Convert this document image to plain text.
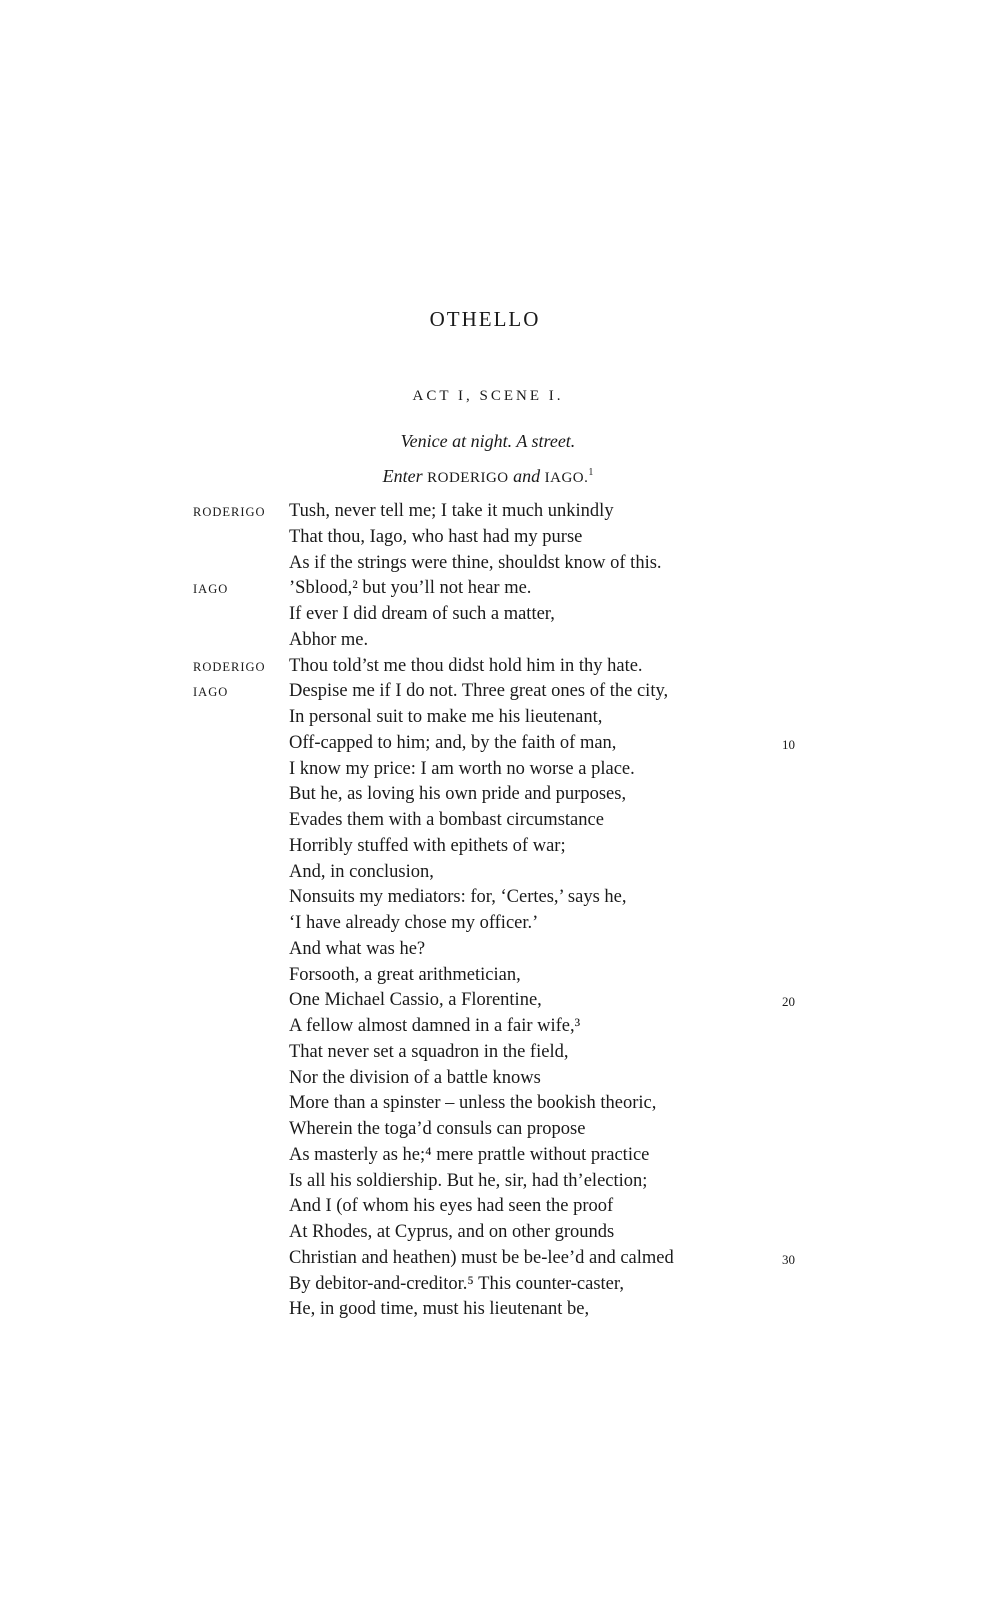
OTHELLO
ACT I, SCENE I.
Venice at night. A street.
Enter RODERIGO and IAGO.$^1$
RODERIGO Tush, never tell me; I take it much unkindly
That thou, Iago, who hast had my purse
As if the strings were thine, shouldst know of this.
IAGO	’Sblood,² but you’ll not hear me.
If ever I did dream of such a matter,
Abhor me.
RODERIGO Thou told’st me thou didst hold him in thy hate.
IAGO	Despise me if I do not. Three great ones of the city,
In personal suit to make me his lieutenant,
Off-capped to him; and, by the faith of man,	10
I know my price: I am worth no worse a place.
But he, as loving his own pride and purposes,
Evades them with a bombast circumstance
Horribly stuffed with epithets of war;
And, in conclusion,
Nonsuits my mediators: for, ‘Certes,’ says he,
‘I have already chose my officer.’
And what was he?
Forsooth, a great arithmetician,
One Michael Cassio, a Florentine,	20
A fellow almost damned in a fair wife,³
That never set a squadron in the field,
Nor the division of a battle knows
More than a spinster – unless the bookish theoric,
Wherein the toga’d consuls can propose
As masterly as he;⁴ mere prattle without practice
Is all his soldiership. But he, sir, had th’election;
And I (of whom his eyes had seen the proof
At Rhodes, at Cyprus, and on other grounds
Christian and heathen) must be be-lee’d and calmed	30
By debitor-and-creditor.⁵ This counter-caster,
He, in good time, must his lieutenant be,
